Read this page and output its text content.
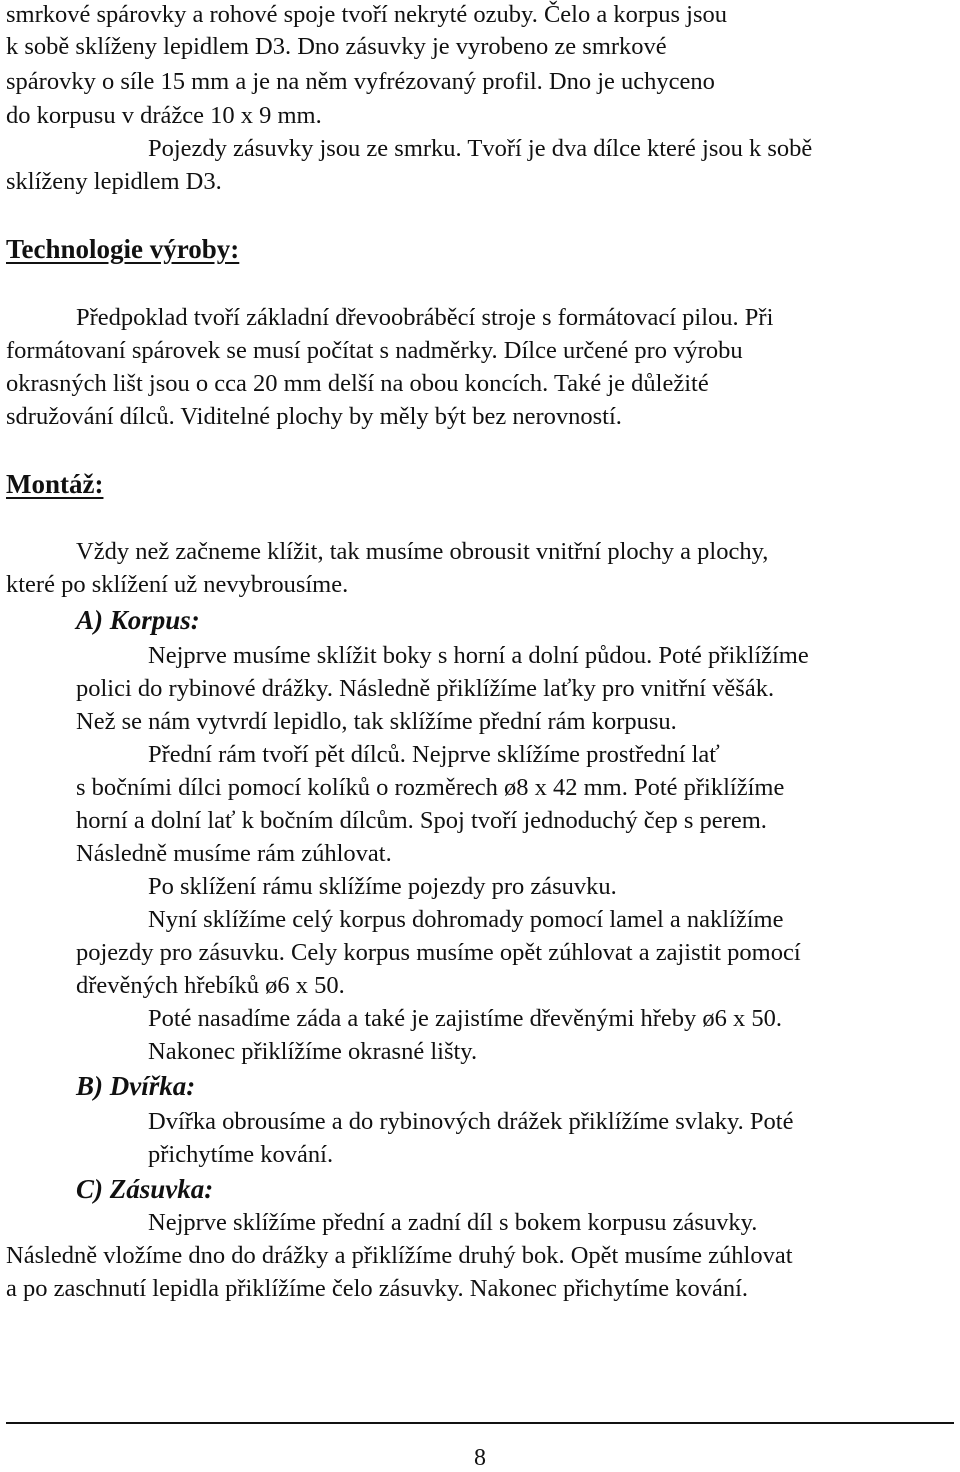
smrkové spárovky a rohové spoje tvoří nekryté ozuby. Čelo a korpus jsou
k sobě sklíženy lepidlem D3. Dno zásuvky je vyrobeno ze smrkové
spárovky o síle 15 mm a je na něm vyfrézovaný profil. Dno je uchyceno
do korpusu v drážce 10 x 9 mm.
Pojezdy zásuvky jsou ze smrku. Tvoří je dva dílce které jsou k sobě
sklíženy lepidlem D3.
Technologie výroby:
Předpoklad tvoří základní dřevoobráběcí stroje s formátovací pilou. Při
formátovaní spárovek se musí počítat s nadměrky. Dílce určené pro výrobu
okrasných lišt jsou o cca 20 mm delší na obou koncích. Také je důležité
sdružování dílců. Viditelné plochy by měly být bez nerovností.
Montáž:
Vždy než začneme klížit, tak musíme obrousit vnitřní plochy a plochy,
které po sklížení už nevybrousíme.
A) Korpus:
Nejprve musíme sklížit boky s horní a dolní půdou. Poté přiklížíme
polici do rybinové drážky. Následně přiklížíme laťky pro vnitřní věšák.
Než se nám vytvrdí lepidlo, tak sklížíme přední rám korpusu.
Přední rám tvoří pět dílců. Nejprve sklížíme prostřední lať
s bočními dílci pomocí kolíků o rozměrech ø8 x 42 mm. Poté přiklížíme
horní a dolní lať k bočním dílcům. Spoj tvoří jednoduchý čep s perem.
Následně musíme rám zúhlovat.
Po sklížení rámu sklížíme pojezdy pro zásuvku.
Nyní sklížíme celý korpus dohromady pomocí lamel a naklížíme
pojezdy pro zásuvku. Cely korpus musíme opět zúhlovat a zajistit pomocí
dřevěných hřebíků ø6 x 50.
Poté nasadíme záda a také je zajistíme dřevěnými hřeby ø6 x 50.
Nakonec přiklížíme okrasné lišty.
B) Dvířka:
Dvířka obrousíme a do rybinových drážek přiklížíme svlaky. Poté
přichytíme kování.
C) Zásuvka:
Nejprve sklížíme přední a zadní díl s bokem korpusu zásuvky.
Následně vložíme dno do drážky a přiklížíme druhý bok. Opět musíme zúhlovat
a po zaschnutí lepidla přiklížíme čelo zásuvky. Nakonec přichytíme kování.
8
